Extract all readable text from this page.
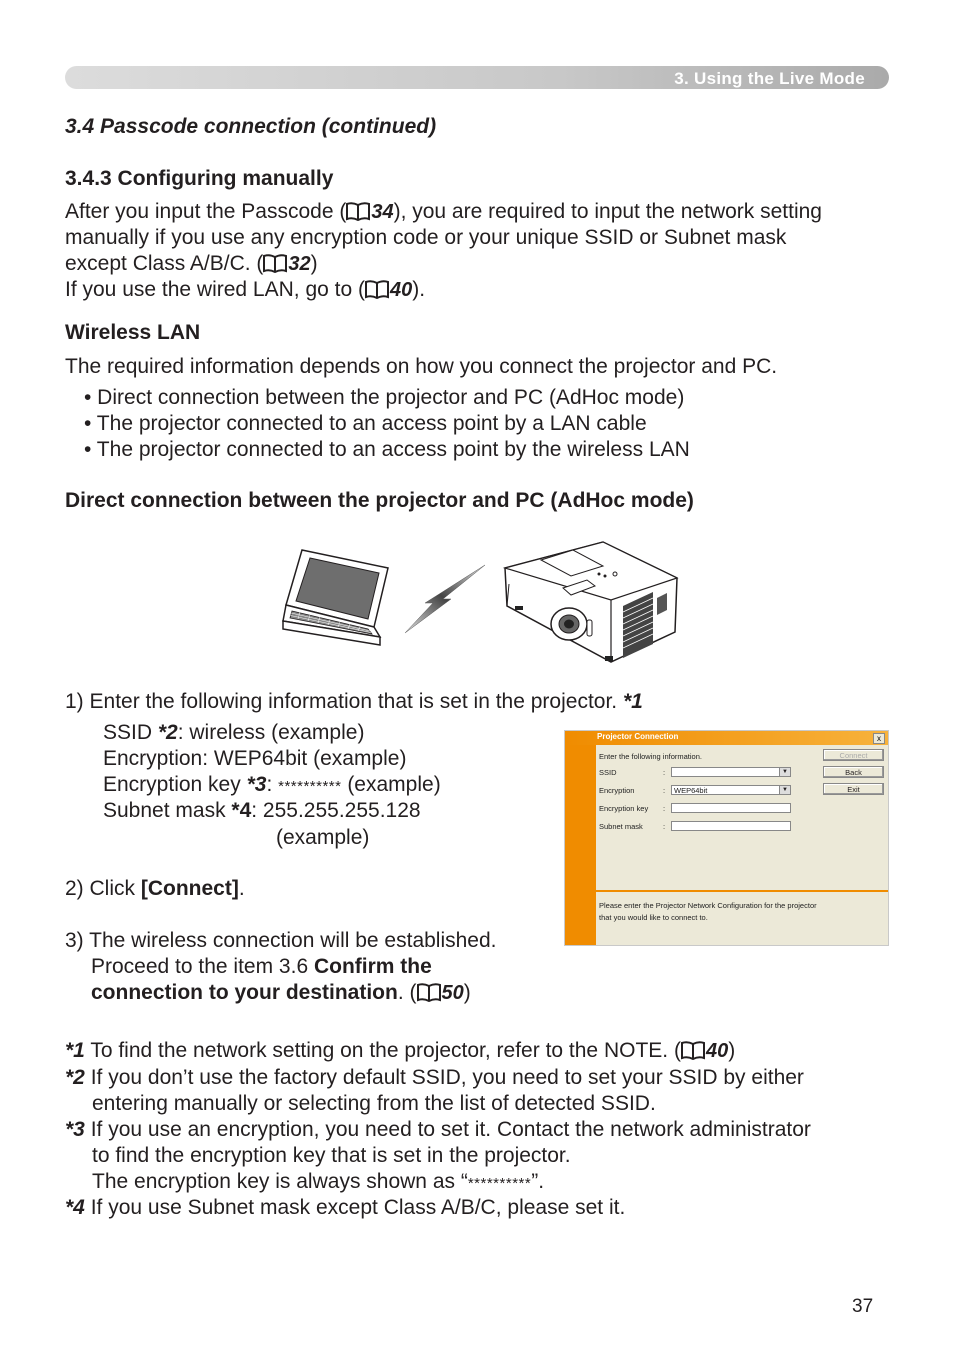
3. Using the Live Mode
3.4 Passcode connection (continued)
3.4.3 Configuring manually
After you input the Passcode ( 34), you are required to input the network setting
manually if you use any encryption code or your unique SSID or Subnet mask
except Class A/B/C. ( 32)
If you use the wired LAN, go to ( 40).
Wireless LAN
The required information depends on how you connect the projector and PC.
• Direct connection between the projector and PC (AdHoc mode)
• The projector connected to an access point by a LAN cable
• The projector connected to an access point by the wireless LAN
Direct connection between the projector and PC (AdHoc mode)
1) Enter the following information that is set in the projector. *1
SSID *2: wireless (example)
Encryption: WEP64bit (example)
Encryption key *3: ********** (example)
Subnet mask *4: 255.255.255.128
(example)
2) Click [Connect].
3) The wireless connection will be established.
Proceed to the item 3.6 Confirm the
connection to your destination. ( 50)
Projector Connection	x
Enter the following information.
SSID	:	▼
Encryption	: WEP64bit	▼
Encryption key :
Subnet mask	:
Connect
Back
Exit
Please enter the Projector Network Configuration for the projector
that you would like to connect to.
*1 To find the network setting on the projector, refer to the NOTE. ( 40)
*2 If you don’t use the factory default SSID, you need to set your SSID by either
entering manually or selecting from the list of detected SSID.
*3 If you use an encryption, you need to set it. Contact the network administrator
to find the encryption key that is set in the projector.
The encryption key is always shown as “**********”.
*4 If you use Subnet mask except Class A/B/C, please set it.
37
